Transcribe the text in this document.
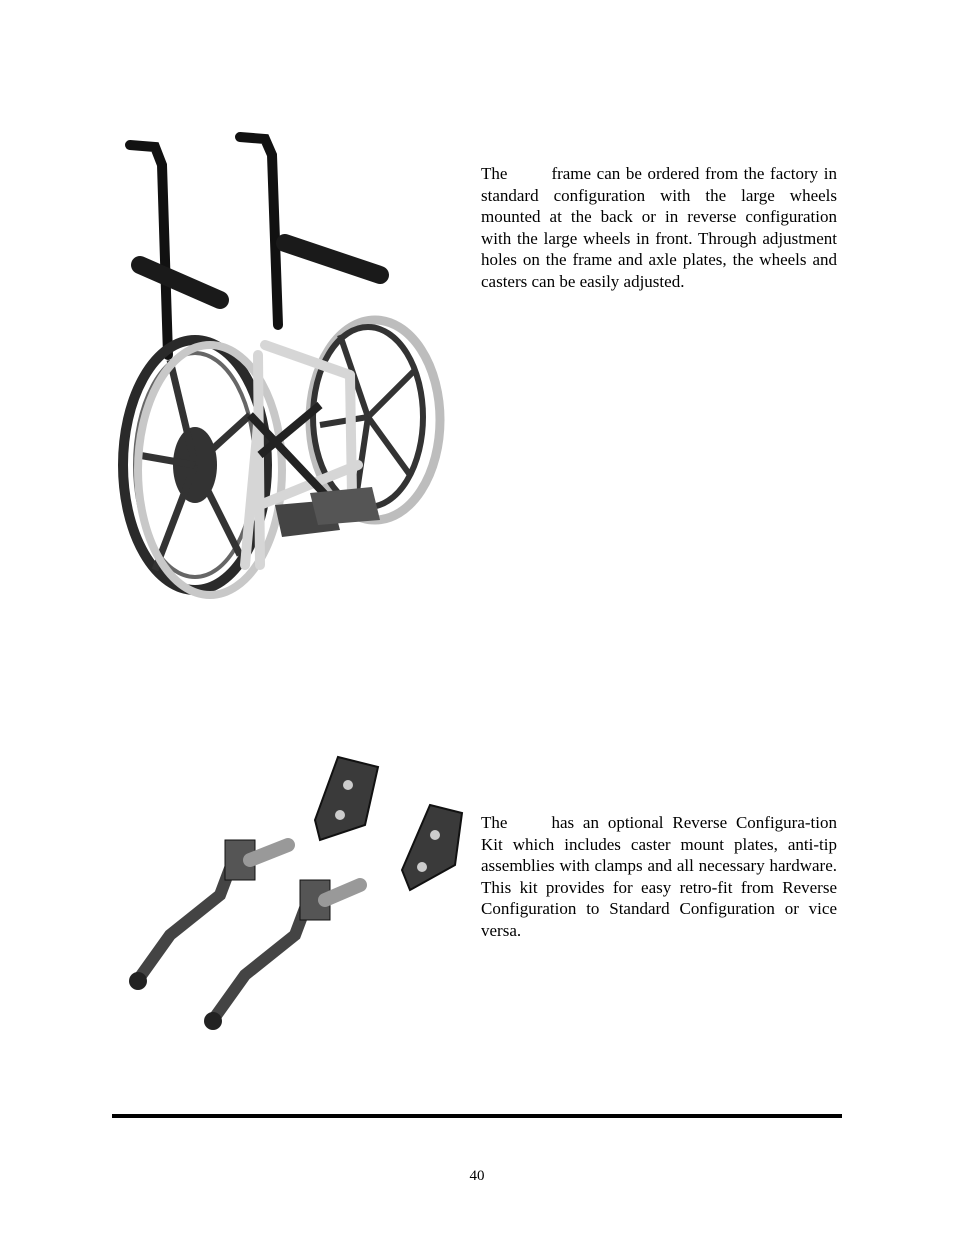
The	frame can be ordered from the factory in standard configuration with the large wheels mounted at the back or in reverse configuration with the large wheels in front. Through adjustment holes on the frame and axle plates, the wheels and casters can be easily adjusted.

The	has an optional Reverse Configura-tion Kit which includes caster mount plates, anti-tip assemblies with clamps and all necessary hardware. This kit provides for easy retro-fit from Reverse Configuration to Standard Configuration or vice versa.

40
